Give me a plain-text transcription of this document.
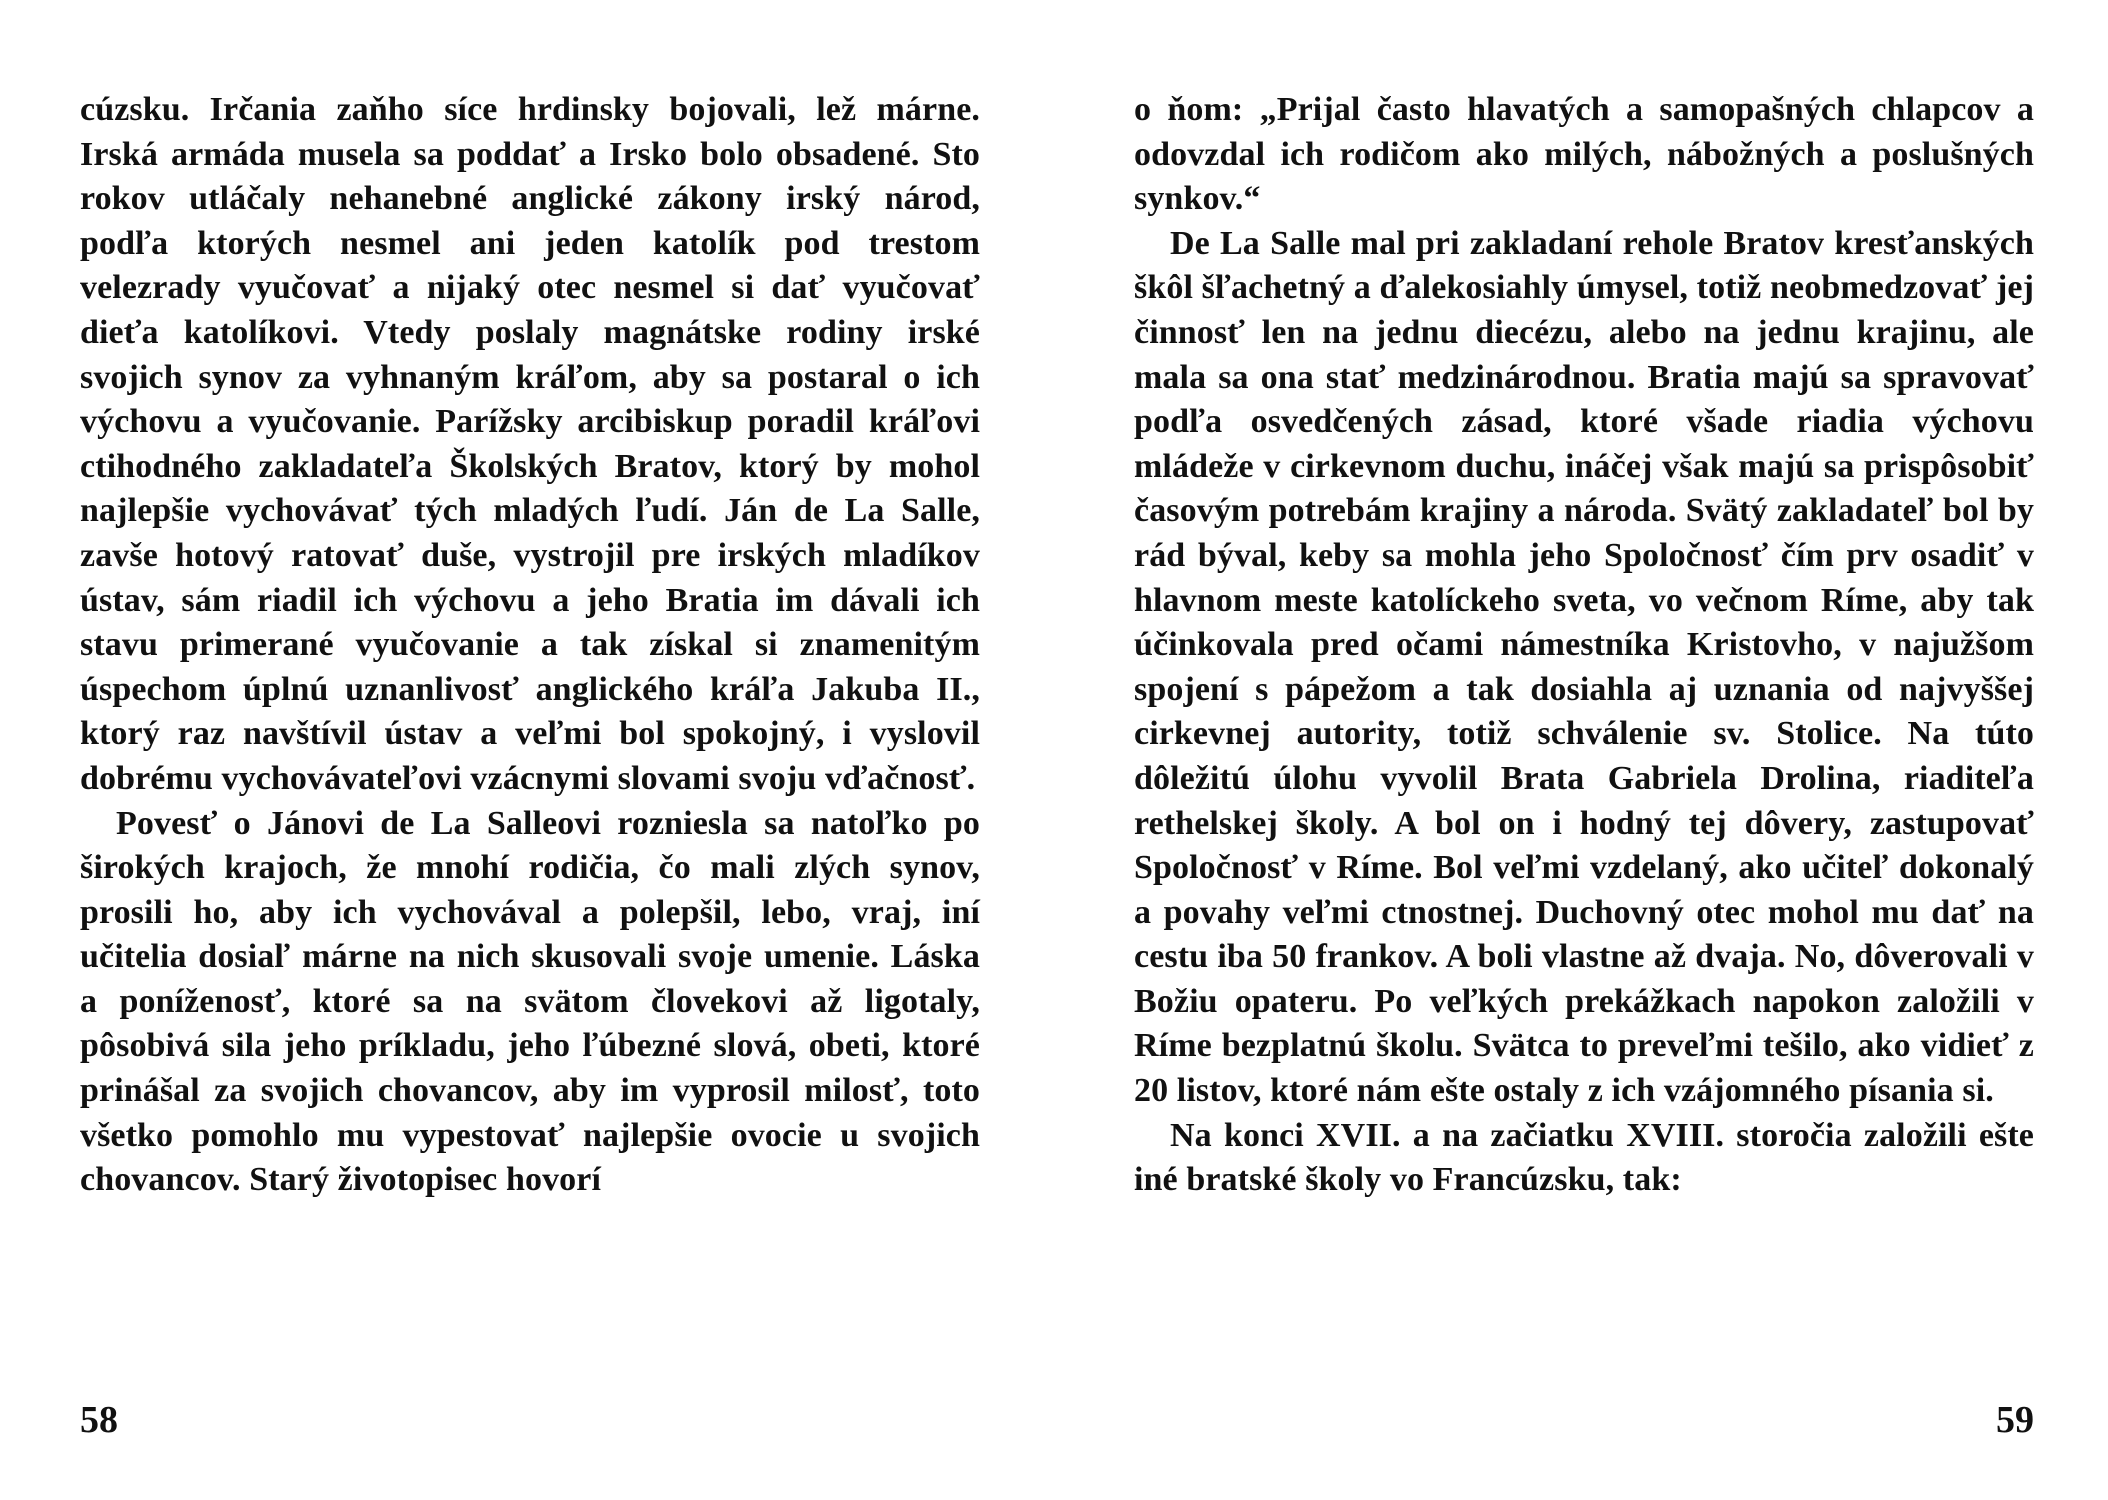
cúzsku. Irčania zaňho síce hrdinsky bojovali, lež márne. Irská armáda musela sa poddať a Irsko bolo obsadené. Sto rokov utláčaly nehanebné anglické zákony irský národ, podľa ktorých nesmel ani jeden katolík pod trestom velezrady vyučovať a nijaký otec nesmel si dať vyučovať dieťa katolíkovi. Vtedy poslaly magnátske rodiny irské svojich synov za vyhnaným kráľom, aby sa postaral o ich výchovu a vyučovanie. Parížsky arcibiskup poradil kráľovi ctihodného zakladateľa Školských Bratov, ktorý by mohol najlepšie vychovávať tých mladých ľudí. Ján de La Salle, zavše hotový ratovať duše, vystrojil pre irských mladíkov ústav, sám riadil ich výchovu a jeho Bratia im dávali ich stavu primerané vyučovanie a tak získal si znamenitým úspechom úplnú uznanlivosť anglického kráľa Jakuba II., ktorý raz navštívil ústav a veľmi bol spokojný, i vyslovil dobrému vychovávateľovi vzácnymi slovami svoju vďačnosť.

Povesť o Jánovi de La Salleovi rozniesla sa natoľko po širokých krajoch, že mnohí rodičia, čo mali zlých synov, prosili ho, aby ich vychovával a polepšil, lebo, vraj, iní učitelia dosiaľ márne na nich skusovali svoje umenie. Láska a poníženosť, ktoré sa na svätom človekovi až ligotaly, pôsobivá sila jeho príkladu, jeho ľúbezné slová, obeti, ktoré prinášal za svojich chovancov, aby im vyprosil milosť, toto všetko pomohlo mu vypestovať najlepšie ovocie u svojich chovancov. Starý životopisec hovorí

58

o ňom: „Prijal často hlavatých a samopašných chlapcov a odovzdal ich rodičom ako milých, nábožných a poslušných synkov.“

De La Salle mal pri zakladaní rehole Bratov kresťanských škôl šľachetný a ďalekosiahly úmysel, totiž neobmedzovať jej činnosť len na jednu diecézu, alebo na jednu krajinu, ale mala sa ona stať medzinárodnou. Bratia majú sa spravovať podľa osvedčených zásad, ktoré všade riadia výchovu mládeže v cirkevnom duchu, ináčej však majú sa prispôsobiť časovým potrebám krajiny a národa. Svätý zakladateľ bol by rád býval, keby sa mohla jeho Spoločnosť čím prv osadiť v hlavnom meste katolíckeho sveta, vo večnom Ríme, aby tak účinkovala pred očami námestníka Kristovho, v najužšom spojení s pápežom a tak dosiahla aj uznania od najvyššej cirkevnej autority, totiž schválenie sv. Stolice. Na túto dôležitú úlohu vyvolil Brata Gabriela Drolina, riaditeľa rethelskej školy. A bol on i hodný tej dôvery, zastupovať Spoločnosť v Ríme. Bol veľmi vzdelaný, ako učiteľ dokonalý a povahy veľmi ctnostnej. Duchovný otec mohol mu dať na cestu iba 50 frankov. A boli vlastne až dvaja. No, dôverovali v Božiu opateru. Po veľkých prekážkach napokon založili v Ríme bezplatnú školu. Svätca to preveľmi tešilo, ako vidieť z 20 listov, ktoré nám ešte ostaly z ich vzájomného písania si.

Na konci XVII. a na začiatku XVIII. storočia založili ešte iné bratské školy vo Francúzsku, tak:

59
